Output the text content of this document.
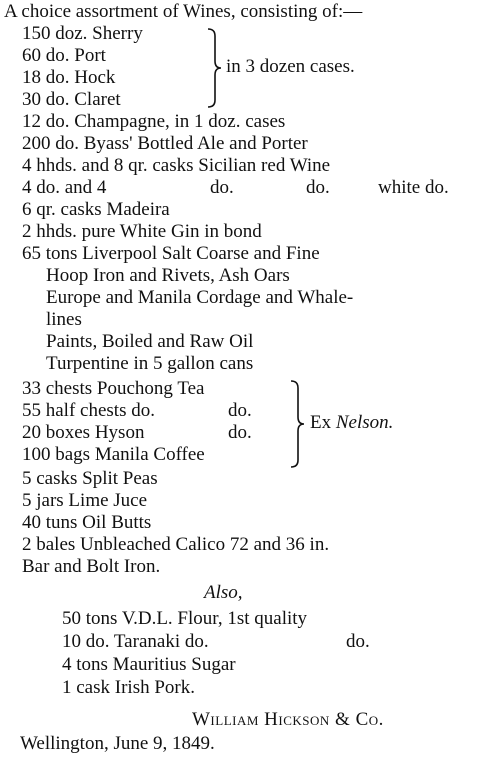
A choice assortment of Wines, consisting of:—
150 doz. Sherry
60 do. Port
18 do. Hock
30 do. Claret
in 3 dozen cases.
12 do. Champagne, in 1 doz. cases
200 do. Byass' Bottled Ale and Porter
4 hhds. and 8 qr. casks Sicilian red Wine
4 do. and 4	do.	do.	white do.
6 qr. casks Madeira
2 hhds. pure White Gin in bond
65 tons Liverpool Salt Coarse and Fine
Hoop Iron and Rivets, Ash Oars
Europe and Manila Cordage and Whale-
lines
Paints, Boiled and Raw Oil
Turpentine in 5 gallon cans
33 chests Pouchong Tea
55 half chests do.	do.
20 boxes Hyson	do.
100 bags Manila Coffee
Ex Nelson.
5 casks Split Peas
5 jars Lime Juce
40 tuns Oil Butts
2 bales Unbleached Calico 72 and 36 in.
Bar and Bolt Iron.
Also,
50 tons V.D.L. Flour, 1st quality
10 do. Taranaki do.	do.
4 tons Mauritius Sugar
1 cask Irish Pork.
William Hickson & Co.
Wellington, June 9, 1849.
